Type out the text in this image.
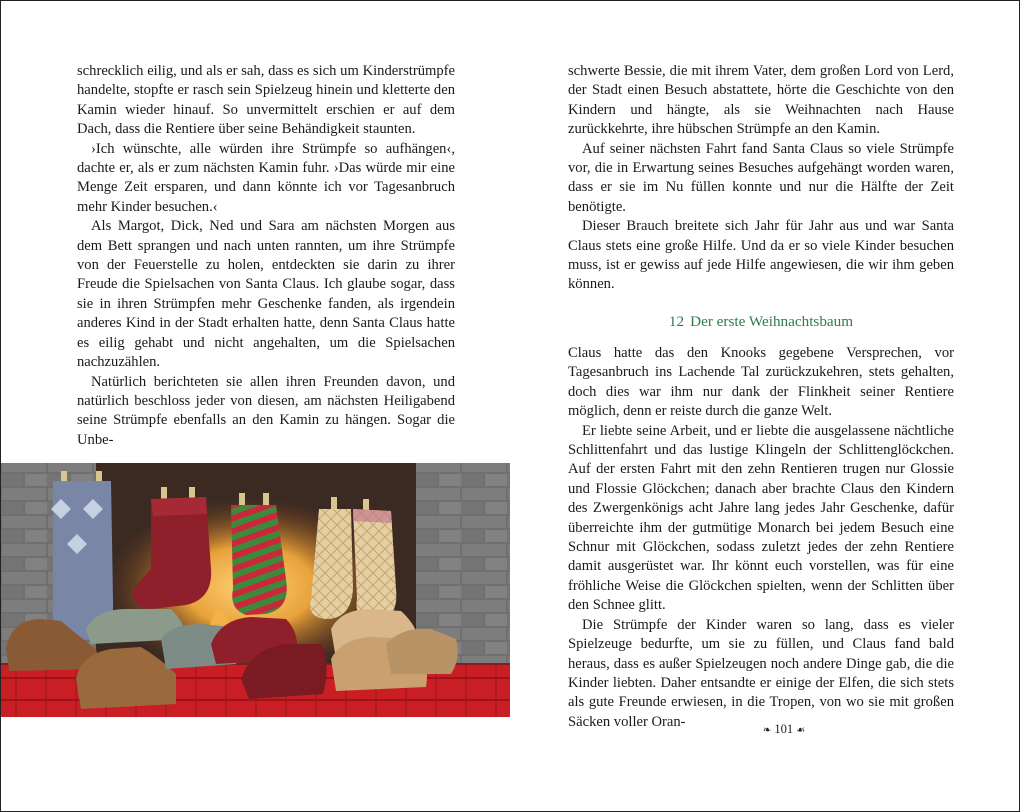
schrecklich eilig, und als er sah, dass es sich um Kinderstrümpfe handelte, stopfte er rasch sein Spielzeug hinein und kletterte den Kamin wieder hinauf. So unvermittelt erschien er auf dem Dach, dass die Rentiere über seine Behändigkeit staunten.

›Ich wünschte, alle würden ihre Strümpfe so aufhängen‹, dachte er, als er zum nächsten Kamin fuhr. ›Das würde mir eine Menge Zeit ersparen, und dann könnte ich vor Tagesanbruch mehr Kinder besuchen.‹

Als Margot, Dick, Ned und Sara am nächsten Morgen aus dem Bett sprangen und nach unten rannten, um ihre Strümpfe von der Feuerstelle zu holen, entdeckten sie darin zu ihrer Freude die Spielsachen von Santa Claus. Ich glaube sogar, dass sie in ihren Strümpfen mehr Geschenke fanden, als irgendein anderes Kind in der Stadt erhalten hatte, denn Santa Claus hatte es eilig gehabt und nicht angehalten, um die Spielsachen nachzuzählen.

Natürlich berichteten sie allen ihren Freunden davon, und natürlich beschloss jeder von diesen, am nächsten Heiligabend seine Strümpfe ebenfalls an den Kamin zu hängen. Sogar die Unbe-

schwerte Bessie, die mit ihrem Vater, dem großen Lord von Lerd, der Stadt einen Besuch abstattete, hörte die Geschichte von den Kindern und hängte, als sie Weihnachten nach Hause zurückkehrte, ihre hübschen Strümpfe an den Kamin.

Auf seiner nächsten Fahrt fand Santa Claus so viele Strümpfe vor, die in Erwartung seines Besuches aufgehängt worden waren, dass er sie im Nu füllen konnte und nur die Hälfte der Zeit benötigte.

Dieser Brauch breitete sich Jahr für Jahr aus und war Santa Claus stets eine große Hilfe. Und da er so viele Kinder besuchen muss, ist er gewiss auf jede Hilfe angewiesen, die wir ihm geben können.

12 Der erste Weihnachtsbaum

Claus hatte das den Knooks gegebene Versprechen, vor Tagesanbruch ins Lachende Tal zurückzukehren, stets gehalten, doch dies war ihm nur dank der Flinkheit seiner Rentiere möglich, denn er reiste durch die ganze Welt.

Er liebte seine Arbeit, und er liebte die ausgelassene nächtliche Schlittenfahrt und das lustige Klingeln der Schlittenglöckchen. Auf der ersten Fahrt mit den zehn Rentieren trugen nur Glossie und Flossie Glöckchen; danach aber brachte Claus den Kindern des Zwergenkönigs acht Jahre lang jedes Jahr Geschenke, dafür überreichte ihm der gutmütige Monarch bei jedem Besuch eine Schnur mit Glöckchen, sodass zuletzt jedes der zehn Rentiere damit ausgerüstet war. Ihr könnt euch vorstellen, was für eine fröhliche Weise die Glöckchen spielten, wenn der Schlitten über den Schnee glitt.

Die Strümpfe der Kinder waren so lang, dass es vieler Spielzeuge bedurfte, um sie zu füllen, und Claus fand bald heraus, dass es außer Spielzeugen noch andere Dinge gab, die die Kinder liebten. Daher entsandte er einige der Elfen, die sich stets als gute Freunde erwiesen, in die Tropen, von wo sie mit großen Säcken voller Oran-

❧ 101 ☙
